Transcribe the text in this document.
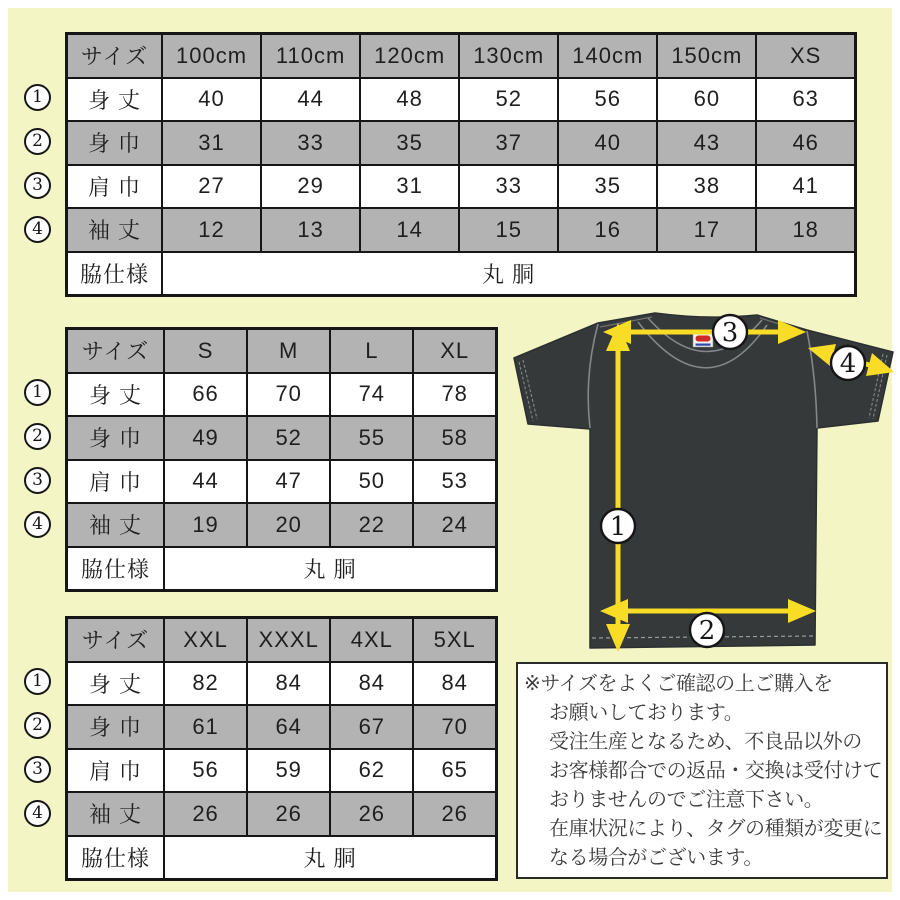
サイズ	100cm	110cm	120cm	130cm	140cm	150cm	XS
身 丈	40	44	48	52	56	60	63
身 巾	31	33	35	37	40	43	46
肩 巾	27	29	31	33	35	38	41
袖 丈	12	13	14	15	16	17	18
脇仕様	丸 胴						
サイズ	S	M	L	XL
身 丈	66	70	74	78
身 巾	49	52	55	58
肩 巾	44	47	50	53
袖 丈	19	20	22	24
脇仕様	丸 胴			
サイズ	XXL	XXXL	4XL	5XL
身 丈	82	84	84	84
身 巾	61	64	67	70
肩 巾	56	59	62	65
袖 丈	26	26	26	26
脇仕様	丸 胴			
1
2
3
4
1
2
3
4
1
2
3
4
1
2
3
4
※サイズをよくご確認の上ご購入を
お願いしております。
受注生産となるため、不良品以外の
お客様都合での返品・交換は受付けて
おりませんのでご注意下さい。
在庫状況により、タグの種類が変更に
なる場合がございます。
